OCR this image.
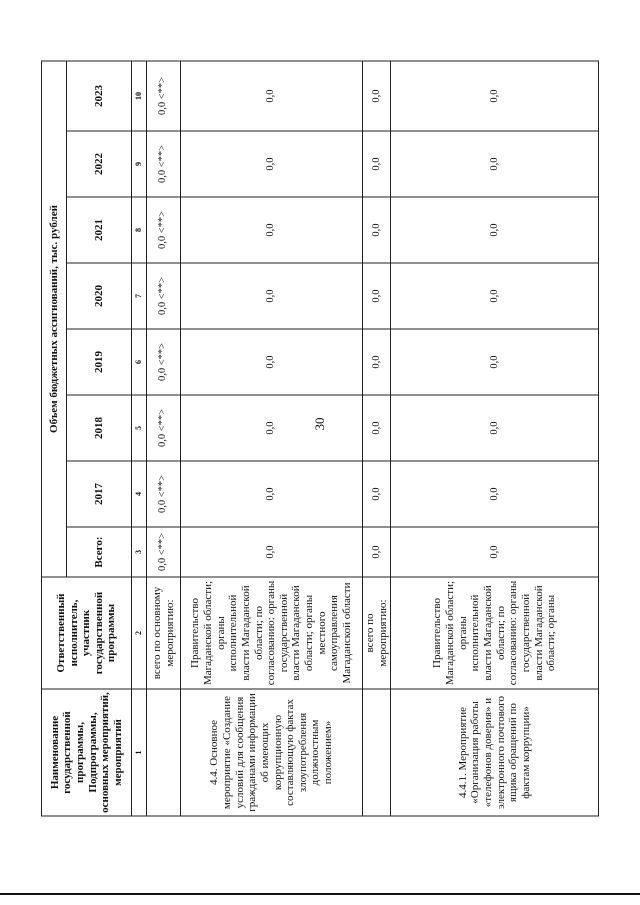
30
Наименование государственной программы, Подпрограммы, основных мероприятий, мероприятий	Ответственный исполнитель, участник государственной программы	Объем бюджетных ассигнований, тыс. рублей							
		Всего:	2017	2018	2019	2020	2021	2022	2023
1	2	3	4	5	6	7	8	9	10
	всего по основному мероприятию:	0,0 <**>	0,0 <**>	0,0 <**>	0,0 <**>	0,0 <**>	0,0 <**>	0,0 <**>	0,0 <**>
4.4. Основное мероприятие «Создание условий для сообщения гражданами информации об имеющих коррупционную составляющую фактах злоупотребления должностным положением»	Правительство Магаданской области; органы исполнительной власти Магаданской области; по согласованию: органы государственной власти Магаданской области; органы местного самоуправления Магаданской области	0,0	0,0	0,0	0,0	0,0	0,0	0,0	0,0
	всего по мероприятию:	0,0	0,0	0,0	0,0	0,0	0,0	0,0	0,0
4.4.1. Мероприятие «Организация работы «телефонов доверия» и электронного почтового ящика обращений по фактам коррупции»	Правительство Магаданской области; органы исполнительной власти Магаданской области; по согласованию: органы государственной власти Магаданской области; органы	0,0	0,0	0,0	0,0	0,0	0,0	0,0	0,0
